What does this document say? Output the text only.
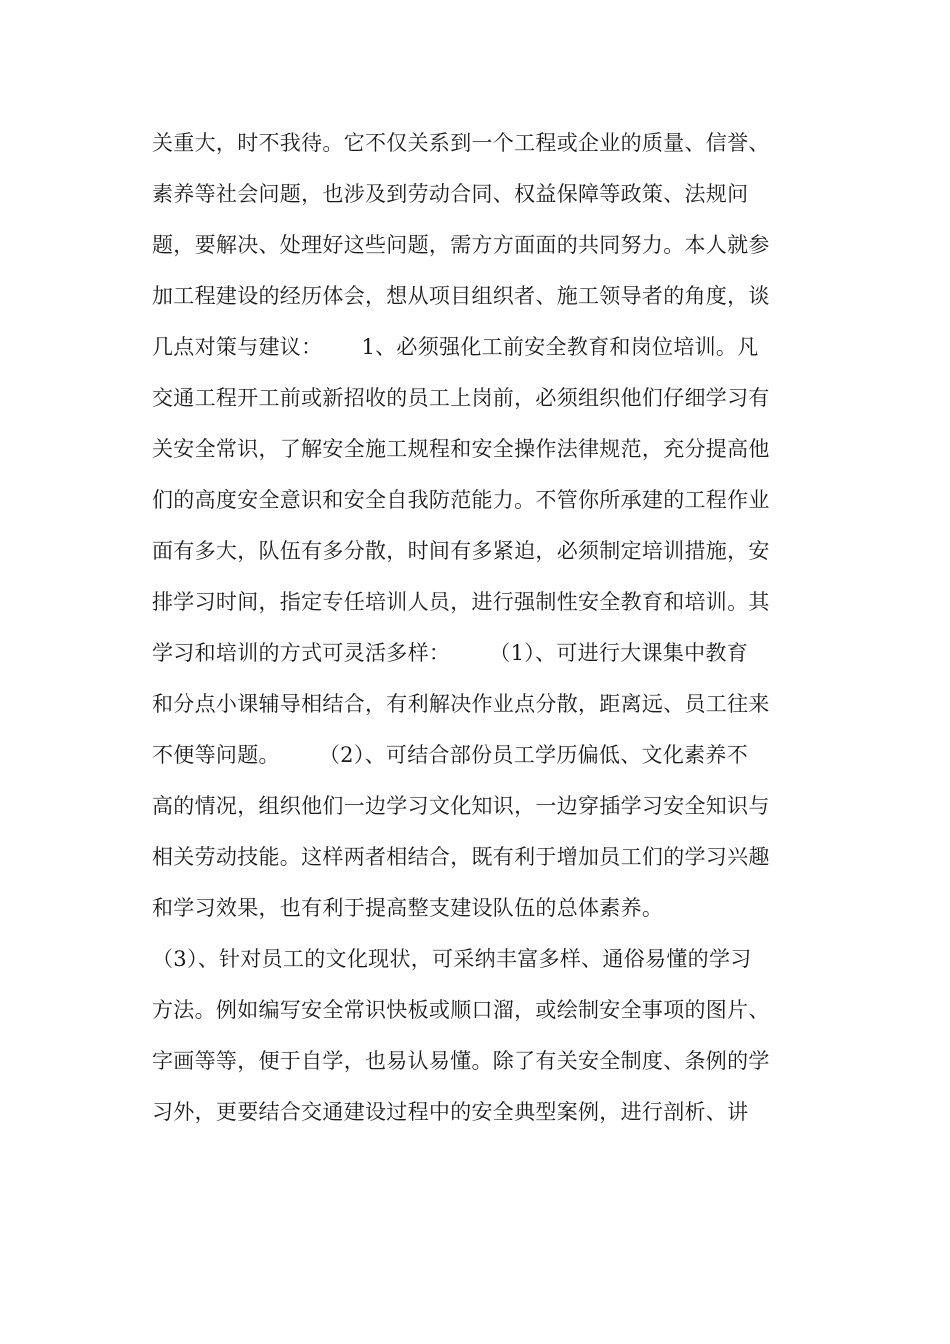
关重大，时不我待。它不仅关系到一个工程或企业的质量、信誉、
素养等社会问题，也涉及到劳动合同、权益保障等政策、法规问
题，要解决、处理好这些问题，需方方面面的共同努力。本人就参
加工程建设的经历体会，想从项目组织者、施工领导者的角度，谈
几点对策与建议：　　 1、必须强化工前安全教育和岗位培训。凡
交通工程开工前或新招收的员工上岗前，必须组织他们仔细学习有
关安全常识，了解安全施工规程和安全操作法律规范，充分提高他
们的高度安全意识和安全自我防范能力。不管你所承建的工程作业
面有多大，队伍有多分散，时间有多紧迫，必须制定培训措施，安
排学习时间，指定专任培训人员，进行强制性安全教育和培训。其
学习和培训的方式可灵活多样：　　 （1）、可进行大课集中教育
和分点小课辅导相结合，有利解决作业点分散，距离远、员工往来
不便等问题。　　 （2）、可结合部份员工学历偏低、文化素养不
高的情况，组织他们一边学习文化知识，一边穿插学习安全知识与
相关劳动技能。这样两者相结合，既有利于增加员工们的学习兴趣
和学习效果，也有利于提高整支建设队伍的总体素养。
（3）、针对员工的文化现状，可采纳丰富多样、通俗易懂的学习
方法。例如编写安全常识快板或顺口溜，或绘制安全事项的图片、
字画等等，便于自学，也易认易懂。除了有关安全制度、条例的学
习外，更要结合交通建设过程中的安全典型案例，进行剖析、讲
